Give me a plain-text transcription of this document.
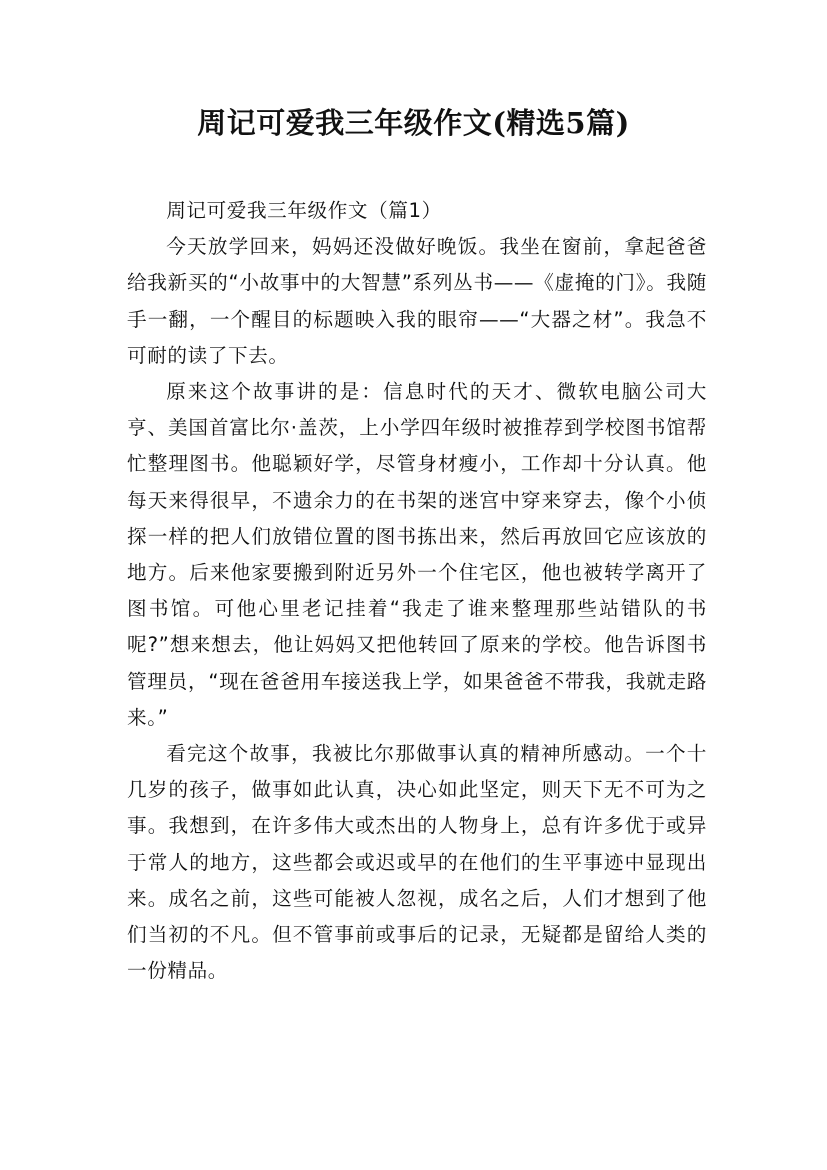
周记可爱我三年级作文(精选5篇)

周记可爱我三年级作文（篇1）

今天放学回来，妈妈还没做好晚饭。我坐在窗前，拿起爸爸给我新买的“小故事中的大智慧”系列丛书——《虚掩的门》。我随手一翻，一个醒目的标题映入我的眼帘——“大器之材”。我急不可耐的读了下去。

原来这个故事讲的是：信息时代的天才、微软电脑公司大亨、美国首富比尔·盖茨，上小学四年级时被推荐到学校图书馆帮忙整理图书。他聪颖好学，尽管身材瘦小，工作却十分认真。他每天来得很早，不遗余力的在书架的迷宫中穿来穿去，像个小侦探一样的把人们放错位置的图书拣出来，然后再放回它应该放的地方。后来他家要搬到附近另外一个住宅区，他也被转学离开了图书馆。可他心里老记挂着“我走了谁来整理那些站错队的书呢?”想来想去，他让妈妈又把他转回了原来的学校。他告诉图书管理员，“现在爸爸用车接送我上学，如果爸爸不带我，我就走路来。”

看完这个故事，我被比尔那做事认真的精神所感动。一个十几岁的孩子，做事如此认真，决心如此坚定，则天下无不可为之事。我想到，在许多伟大或杰出的人物身上，总有许多优于或异于常人的地方，这些都会或迟或早的在他们的生平事迹中显现出来。成名之前，这些可能被人忽视，成名之后，人们才想到了他们当初的不凡。但不管事前或事后的记录，无疑都是留给人类的一份精品。
